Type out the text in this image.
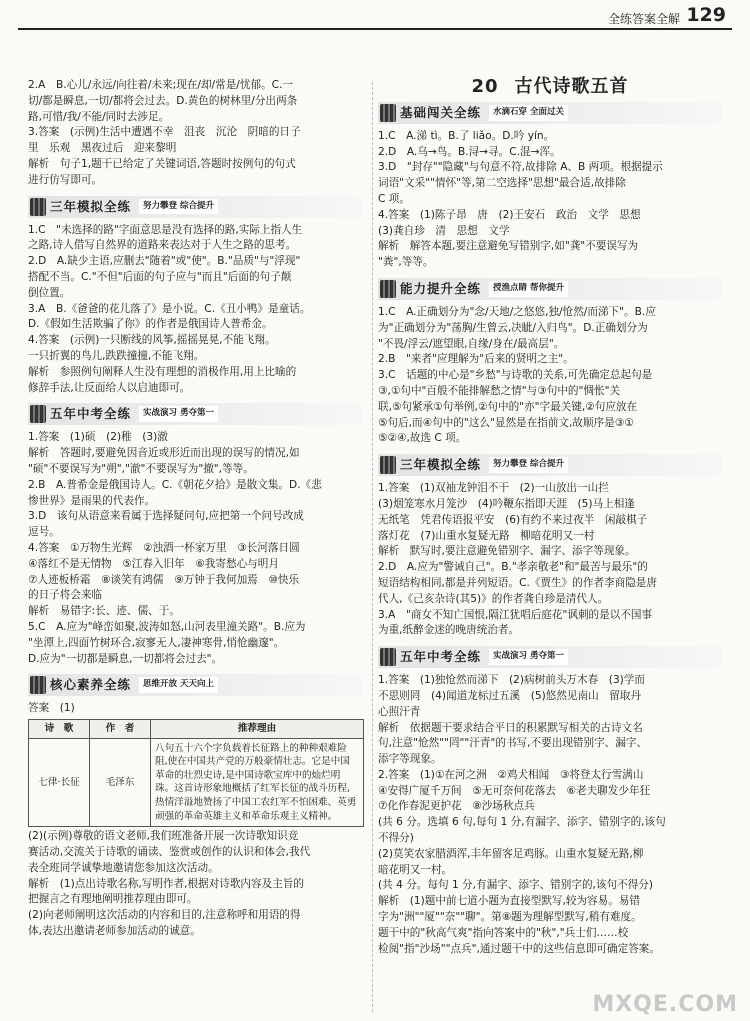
全练答案全解 129

2.A　B.心儿/永远/向往着/未来;现在/却/常是/忧郁。C.一

切/都是瞬息,一切/都将会过去。D.黄色的树林里/分出两条

路,可惜/我/不能/同时去涉足。

3.答案　(示例)生活中遭遇不幸　沮丧　沉沦　阴暗的日子

里　乐观　黑夜过后　迎来黎明

解析　句子1,题干已给定了关键词语,答题时按例句的句式

进行仿写即可。

三年模拟全练	努力攀登 综合提升

1.C　"未选择的路"字面意思是没有选择的路,实际上指人生

之路,诗人借写自然界的道路来表达对于人生之路的思考。

2.D　A.缺少主语,应删去"随着"或"使"。B."品质"与"浮现"

搭配不当。C."不但"后面的句子应与"而且"后面的句子颠

倒位置。

3.A　B.《爸爸的花儿落了》是小说。C.《丑小鸭》是童话。

D.《假如生活欺骗了你》的作者是俄国诗人普希金。

4.答案　(示例)一只断线的风筝,摇摇晃晃,不能飞翔。

一只折翼的鸟儿,跌跌撞撞,不能飞翔。

解析　参照例句阐释人生没有理想的消极作用,用上比喻的

修辞手法,让反面给人以启迪即可。

五年中考全练	实战演习 勇夺第一

1.答案　(1)硕　(2)稚　(3)澈

解析　答题时,要避免因音近或形近而出现的误写的情况,如

"硕"不要误写为"朔","澈"不要误写为"撤",等等。

2.B　A.普希金是俄国诗人。C.《朝花夕拾》是散文集。D.《悲

惨世界》是雨果的代表作。

3.D　该句从语意来看属于选择疑问句,应把第一个问号改成

逗号。

4.答案　①万物生光辉　②浊酒一杯家万里　③长河落日圆

④落红不是无情物　⑤江春入旧年　⑥我寄愁心与明月

⑦人迹板桥霜　⑧谈笑有鸿儒　⑨万钟于我何加焉　⑩快乐

的日子将会来临

解析　易错字:长、迹、儒、于。

5.C　A.应为"峰峦如聚,波涛如怒,山河表里潼关路"。B.应为

"坐潭上,四面竹树环合,寂寥无人,凄神寒骨,悄怆幽邃"。

D.应为"一切都是瞬息,一切都将会过去"。

核心素养全练	思维开放 天天向上

答案　(1)

诗　歌	作　者	推荐理由
七律·长征	毛泽东	八句五十六个字负载着长征路上的种种艰难险阻,使在中国共产党的万般豪情壮志。它是中国革命的壮烈史诗,是中国诗歌宝库中的灿烂明珠。这首诗形象地概括了红军长征的战斗历程,热情洋溢地赞扬了中国工农红军不怕困难、英勇顽强的革命英雄主义和革命乐观主义精神。

(2)(示例)尊敬的语文老师,我们班准备开展一次诗歌知识竞

赛活动,交流关于诗歌的诵读、鉴赏或创作的认识和体会,我代

表全班同学诚挚地邀请您参加这次活动。

解析　(1)点出诗歌名称,写明作者,根据对诗歌内容及主旨的

把握言之有理地阐明推荐理由即可。

(2)向老师阐明这次活动的内容和目的,注意称呼和用语的得

体,表达出邀请老师参加活动的诚意。

20 古代诗歌五首
基础闯关全练	水滴石穿 全面过关

1.C　A.涕 tì。B.了 liǎo。D.吟 yín。

2.D　A.乌→鸟。B.浔→寻。C.混→浑。

3.D　"封存""隐藏"与句意不符,故排除 A、B 两项。根据提示

词语"文采""情怀"等,第二空选择"思想"最合适,故排除

C 项。

4.答案　(1)陈子昂　唐　(2)王安石　政治　文学　思想

(3)龚自珍　清　思想　文学

解析　解答本题,要注意避免写错别字,如"龚"不要误写为

"粪",等等。

能力提升全练	授渔点睛 帮你提升

1.C　A.正确划分为"念/天地/之悠悠,独/怆然/而涕下"。B.应

为"正确划分为"荡胸/生曾云,决眦/入归鸟"。D.正确划分为

"不畏/浮云/遮望眼,自缘/身在/最高层"。

2.B　"来者"应理解为"后来的贤明之主"。

3.C　话题的中心是"乡愁"与诗歌的关系,可先确定总起句是

③,①句中"百般不能排解愁之情"与③句中的"惆怅"关

联,⑤句紧承①句举例,②句中的"亦"字最关键,②句应放在

⑤句后,而④句中的"这么"显然是在指前文,故顺序是③①

⑤②④,故选 C 项。

三年模拟全练	努力攀登 综合提升

1.答案　(1)双袖龙钟泪不干　(2)一山放出一山拦

(3)烟笼寒水月笼沙　(4)吟鞭东指即天涯　(5)马上相逢

无纸笔　凭君传语报平安　(6)有约不来过夜半　闲敲棋子

落灯花　(7)山重水复疑无路　柳暗花明又一村

解析　默写时,要注意避免错别字、漏字、添字等现象。

2.D　A.应为"警诫自己"。B."孝亲敬老"和"最苦与最乐"的

短语结构相同,都是并列短语。C.《贾生》的作者李商隐是唐

代人,《己亥杂诗(其5)》的作者龚自珍是清代人。

3.A　"商女不知亡国恨,隔江犹唱后庭花"讽刺的是以不国事

为重,纸醉金迷的晚唐统治者。

五年中考全练	实战演习 勇夺第一

1.答案　(1)独怆然而涕下　(2)病树前头万木春　(3)学而

不思则罔　(4)闻道龙标过五溪　(5)悠然见南山　留取丹

心照汗青

解析　依据题干要求结合平日的积累默写相关的古诗文名

句,注意"怆然""罔""汗青"的书写,不要出现错别字、漏字、

添字等现象。

2.答案　(1)①在河之洲　②鸡犬相闻　③将登太行雪满山

④安得广厦千万间　⑤无可奈何花落去　⑥老夫聊发少年狂

⑦化作春泥更护花　⑧沙场秋点兵

(共 6 分。选填 6 句,每句 1 分,有漏字、添字、错别字的,该句

不得分)

(2)莫笑农家腊酒浑,丰年留客足鸡豚。山重水复疑无路,柳

暗花明又一村。

(共 4 分。每句 1 分,有漏字、添字、错别字的,该句不得分)

解析　(1)题中前七道小题为直接型默写,较为容易。易错

字为"洲""厦""奈""聊"。第⑧题为理解型默写,稍有难度。

题干中的"秋高气爽"指向答案中的"秋","兵士们……校

检阅"指"沙场""点兵",通过题干中的这些信息即可确定答案。

MXQE.COM
